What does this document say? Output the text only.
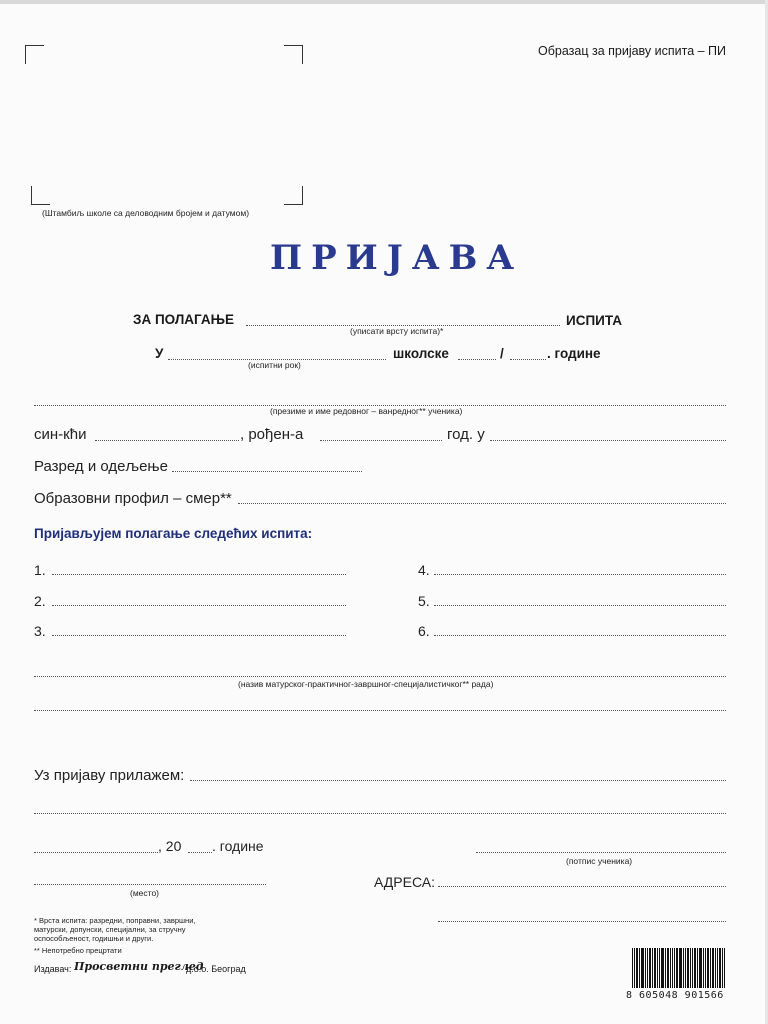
Образац за пријаву испита – ПИ
(Штамбиљ школе са деловодним бројем и датумом)
ПРИЈАВА
ЗА ПОЛАГАЊЕ
(уписати врсту испита)*
ИСПИТА
У
(испитни рок)
школске	/	. године
(презиме и име редовног – ванредног** ученика)
син-кћи	, рођен-а	год. у
Разред и одељење
Образовни профил – смер**
Пријављујем полагање следећих испита:
1.
2.
3.
4.
5.
6.
(назив матурског-практичног-завршног-специјалистичког** рада)
Уз пријаву прилажем:
, 20 . године
(потпис ученика)
(место)
АДРЕСА:
* Врста испита: разредни, поправни, завршни, матурски, допунски, специјални, за стручну оспособљеност, годишњи и други.
** Непотребно прецртати
Издавач: Просветни преглед
д.о.о. Београд
8 605048 901566
